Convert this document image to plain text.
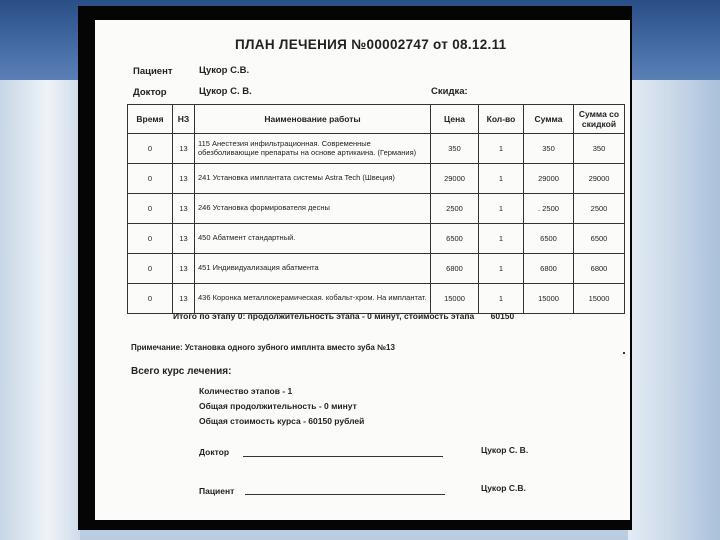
ПЛАН ЛЕЧЕНИЯ №00002747 от 08.12.11
Пациент	Цукор С.В.
Доктор	Цукор С. В.	Скидка:
Время	НЗ	Наименование работы	Цена	Кол-во	Сумма	Сумма со скидкой
0	13	115 Анестезия инфильтрационная. Современные обезболивающие препараты на основе артикаина. (Германия)	350	1	350	350
0	13	241 Установка имплантата системы Astra Tech (Швеция)	29000	1	29000	29000
0	13	246 Установка формирователя десны	2500	1	. 2500	2500
0	13	450 Абатмент стандартный.	6500	1	6500	6500
0	13	451 Индивидуализация абатмента	6800	1	6800	6800
0	13	436 Коронка металлокерамическая. кобальт-хром. На имплантат.	15000	1	15000	15000
Итого по этапу 0: продолжительность этапа - 0 минут, стоимость этапа 60150
Примечание: Установка одного зубного имплнта вместо зуба №13
Всего курс лечения:
Количество этапов - 1
Общая продолжительность - 0 минут
Общая стоимость курса - 60150 рублей
Доктор	Цукор С. В.
Пациент	Цукор С.В.
